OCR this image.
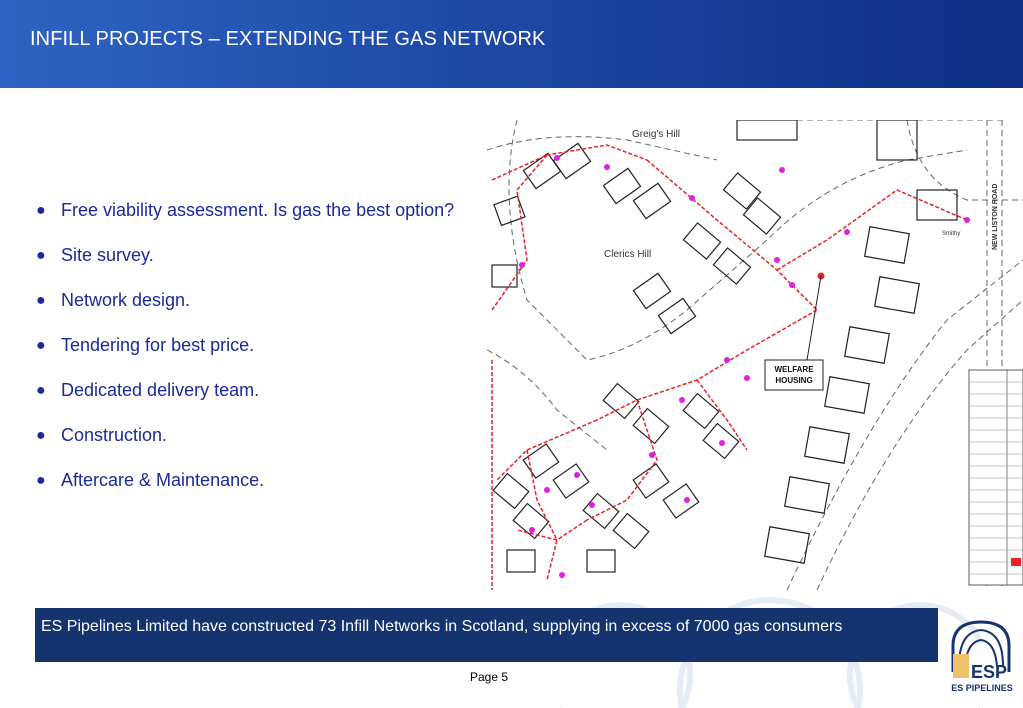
INFILL PROJECTS – EXTENDING THE GAS NETWORK
● Free viability assessment. Is gas the best option?
● Site survey.
● Network design.
● Tendering for best price.
● Dedicated delivery team.
● Construction.
● Aftercare & Maintenance.
WELFARE
HOUSING
Greig's Hill
Clerics Hill
NEW LISTON ROAD
Smithy
ES Pipelines Limited have constructed 73 Infill Networks in Scotland, supplying in excess of 7000 gas consumers
Page 5	ESP
ES PIPELINES
